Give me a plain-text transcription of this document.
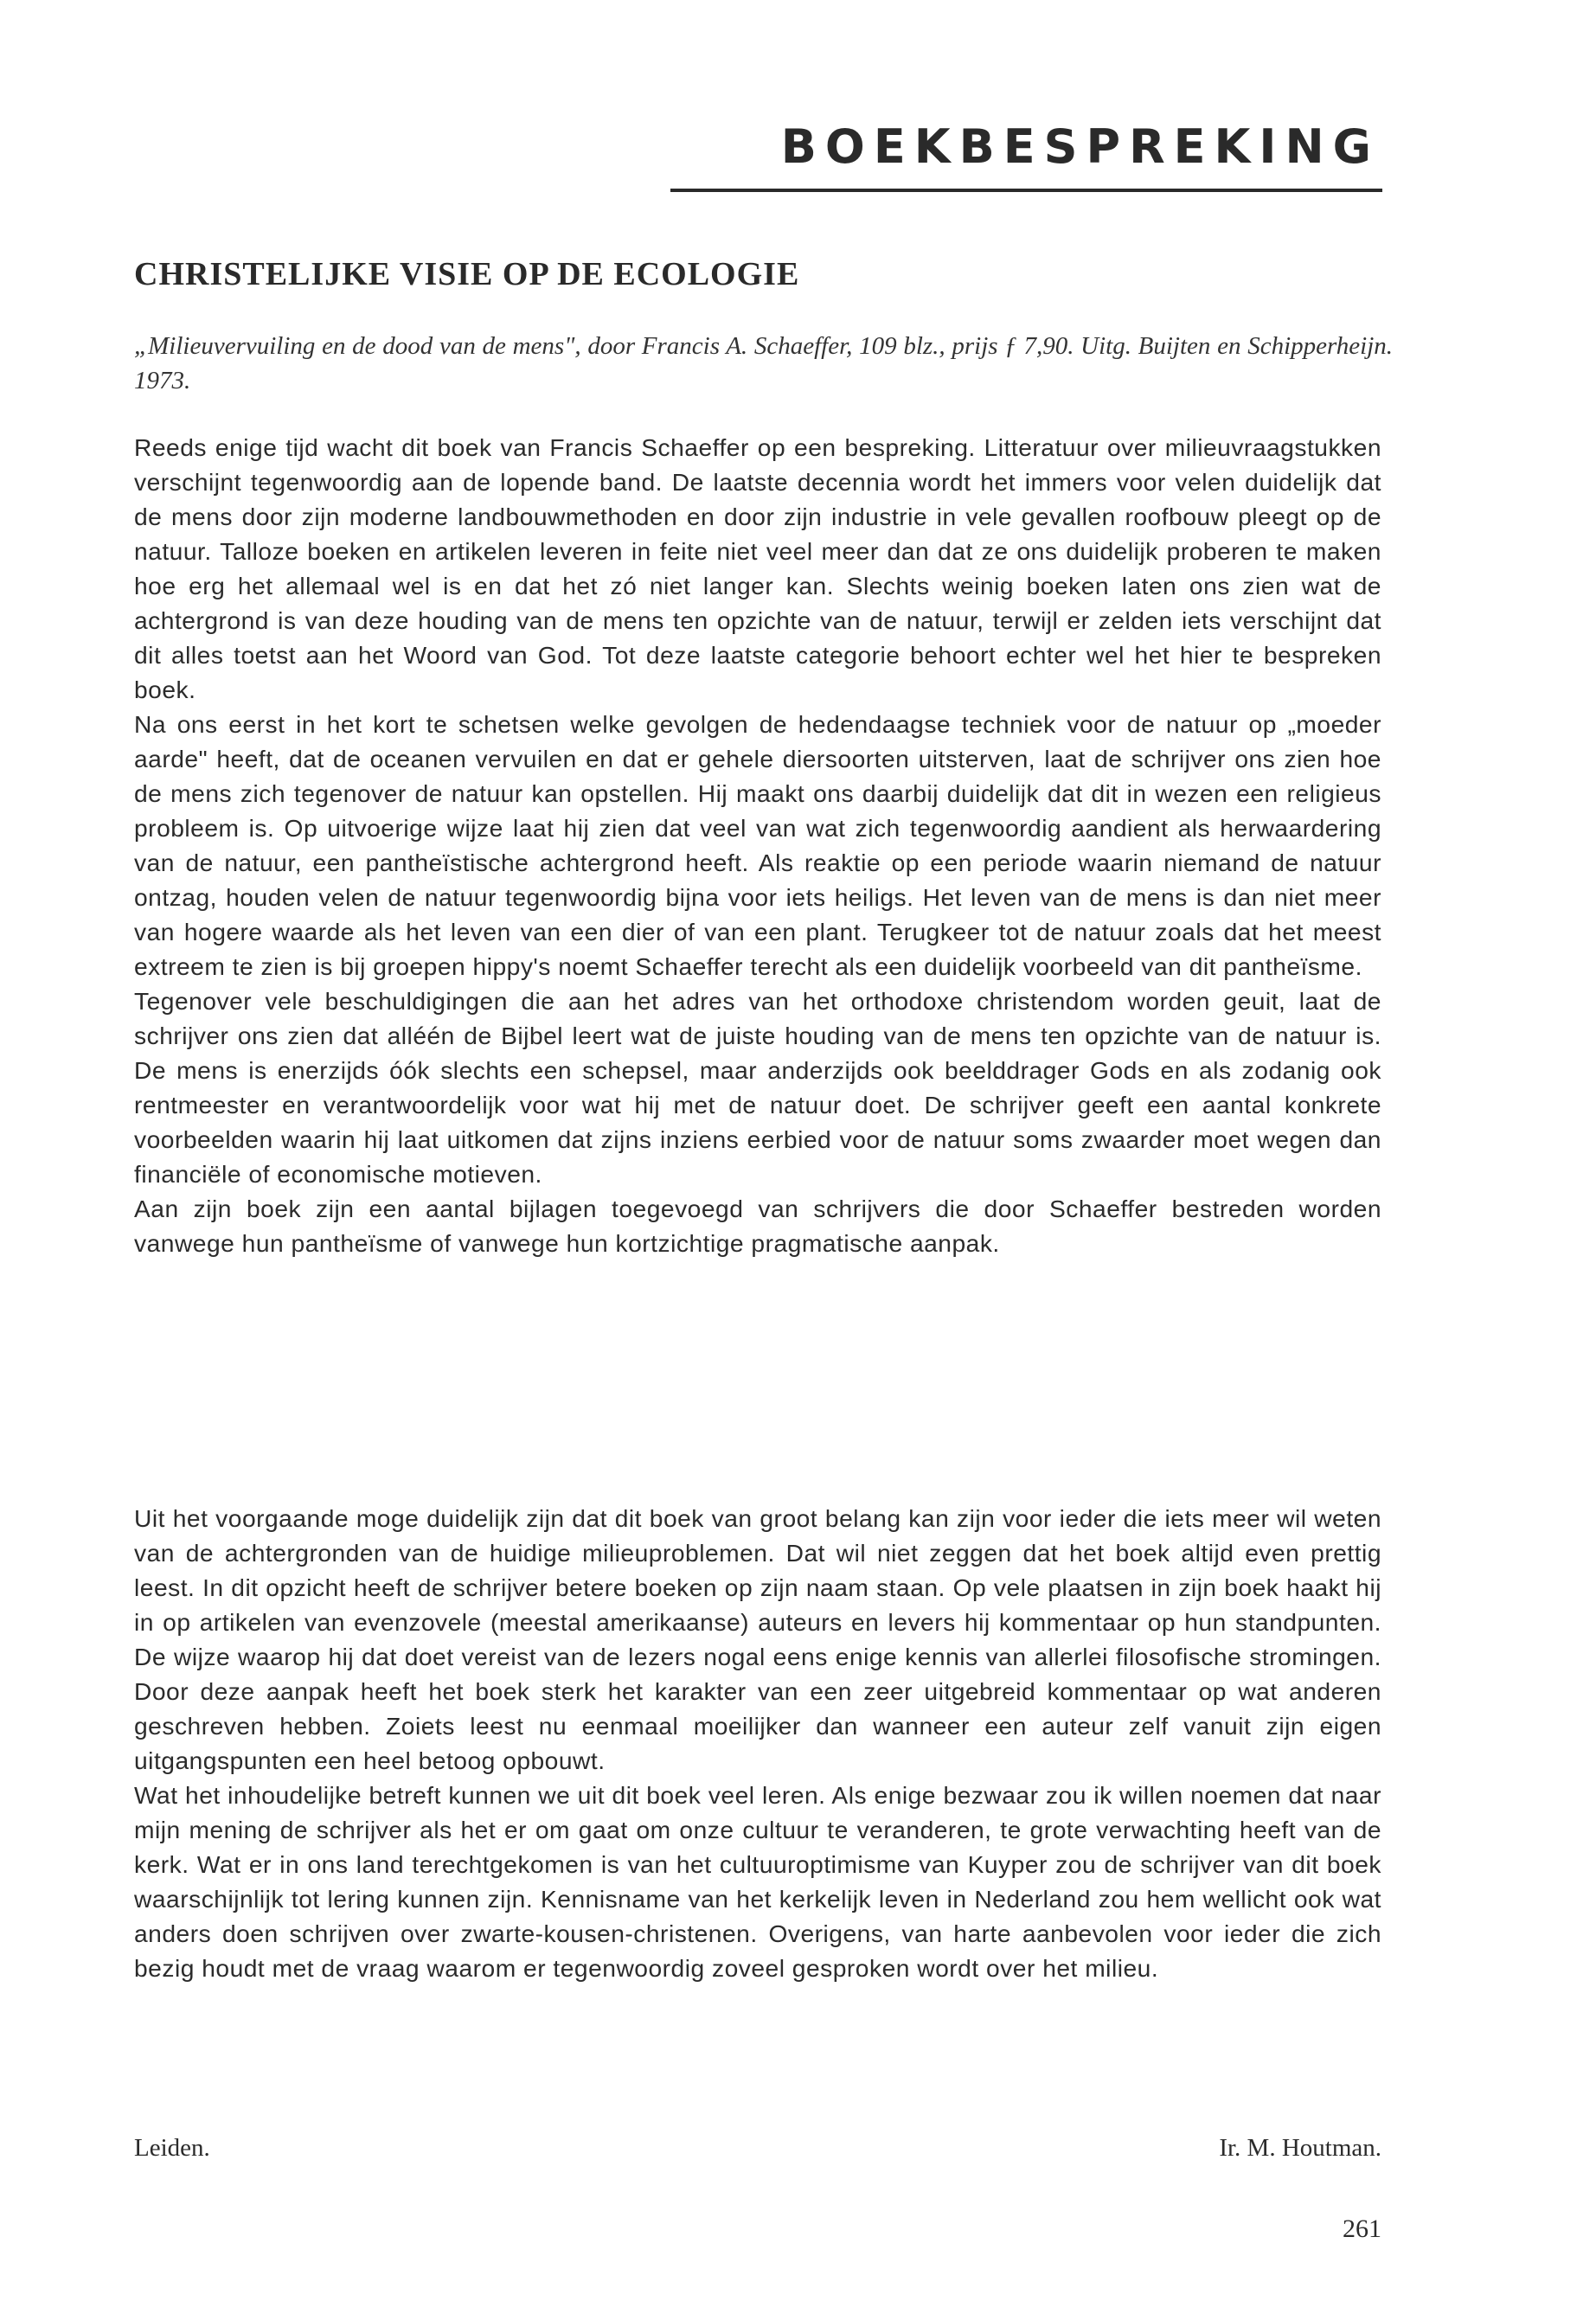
BOEKBESPREKING
CHRISTELIJKE VISIE OP DE ECOLOGIE
„Milieuvervuiling en de dood van de mens", door Francis A. Schaeffer, 109 blz., prijs ƒ 7,90. Uitg. Buijten en Schipperheijn. 1973.

Reeds enige tijd wacht dit boek van Francis Schaeffer op een bespreking. Litteratuur over milieuvraagstukken verschijnt tegenwoordig aan de lopende band. De laatste decennia wordt het immers voor velen duidelijk dat de mens door zijn moderne landbouwmethoden en door zijn industrie in vele gevallen roofbouw pleegt op de natuur. Talloze boeken en artikelen leveren in feite niet veel meer dan dat ze ons duidelijk proberen te maken hoe erg het allemaal wel is en dat het zó niet langer kan. Slechts weinig boeken laten ons zien wat de achtergrond is van deze houding van de mens ten opzichte van de natuur, terwijl er zelden iets verschijnt dat dit alles toetst aan het Woord van God. Tot deze laatste categorie behoort echter wel het hier te bespreken boek.

Na ons eerst in het kort te schetsen welke gevolgen de hedendaagse techniek voor de natuur op „moeder aarde" heeft, dat de oceanen vervuilen en dat er gehele diersoorten uitsterven, laat de schrijver ons zien hoe de mens zich tegenover de natuur kan opstellen. Hij maakt ons daarbij duidelijk dat dit in wezen een religieus probleem is. Op uitvoerige wijze laat hij zien dat veel van wat zich tegenwoordig aandient als herwaardering van de natuur, een pantheïstische achtergrond heeft. Als reaktie op een periode waarin niemand de natuur ontzag, houden velen de natuur tegenwoordig bijna voor iets heiligs. Het leven van de mens is dan niet meer van hogere waarde als het leven van een dier of van een plant. Terugkeer tot de natuur zoals dat het meest extreem te zien is bij groepen hippy's noemt Schaeffer terecht als een duidelijk voorbeeld van dit pantheïsme.

Tegenover vele beschuldigingen die aan het adres van het orthodoxe christendom worden geuit, laat de schrijver ons zien dat alléén de Bijbel leert wat de juiste houding van de mens ten opzichte van de natuur is. De mens is enerzijds óók slechts een schepsel, maar anderzijds ook beelddrager Gods en als zodanig ook rentmeester en verantwoordelijk voor wat hij met de natuur doet. De schrijver geeft een aantal konkrete voorbeelden waarin hij laat uitkomen dat zijns inziens eerbied voor de natuur soms zwaarder moet wegen dan financiële of economische motieven.

Aan zijn boek zijn een aantal bijlagen toegevoegd van schrijvers die door Schaeffer bestreden worden vanwege hun pantheïsme of vanwege hun kortzichtige pragmatische aanpak.

Uit het voorgaande moge duidelijk zijn dat dit boek van groot belang kan zijn voor ieder die iets meer wil weten van de achtergronden van de huidige milieuproblemen. Dat wil niet zeggen dat het boek altijd even prettig leest. In dit opzicht heeft de schrijver betere boeken op zijn naam staan. Op vele plaatsen in zijn boek haakt hij in op artikelen van evenzovele (meestal amerikaanse) auteurs en levers hij kommentaar op hun standpunten. De wijze waarop hij dat doet vereist van de lezers nogal eens enige kennis van allerlei filosofische stromingen. Door deze aanpak heeft het boek sterk het karakter van een zeer uitgebreid kommentaar op wat anderen geschreven hebben. Zoiets leest nu eenmaal moeilijker dan wanneer een auteur zelf vanuit zijn eigen uitgangspunten een heel betoog opbouwt.

Wat het inhoudelijke betreft kunnen we uit dit boek veel leren. Als enige bezwaar zou ik willen noemen dat naar mijn mening de schrijver als het er om gaat om onze cultuur te veranderen, te grote verwachting heeft van de kerk. Wat er in ons land terechtgekomen is van het cultuuroptimisme van Kuyper zou de schrijver van dit boek waarschijnlijk tot lering kunnen zijn. Kennisname van het kerkelijk leven in Nederland zou hem wellicht ook wat anders doen schrijven over zwarte-kousen-christenen. Overigens, van harte aanbevolen voor ieder die zich bezig houdt met de vraag waarom er tegenwoordig zoveel gesproken wordt over het milieu.

Leiden.	Ir. M. Houtman.
261
